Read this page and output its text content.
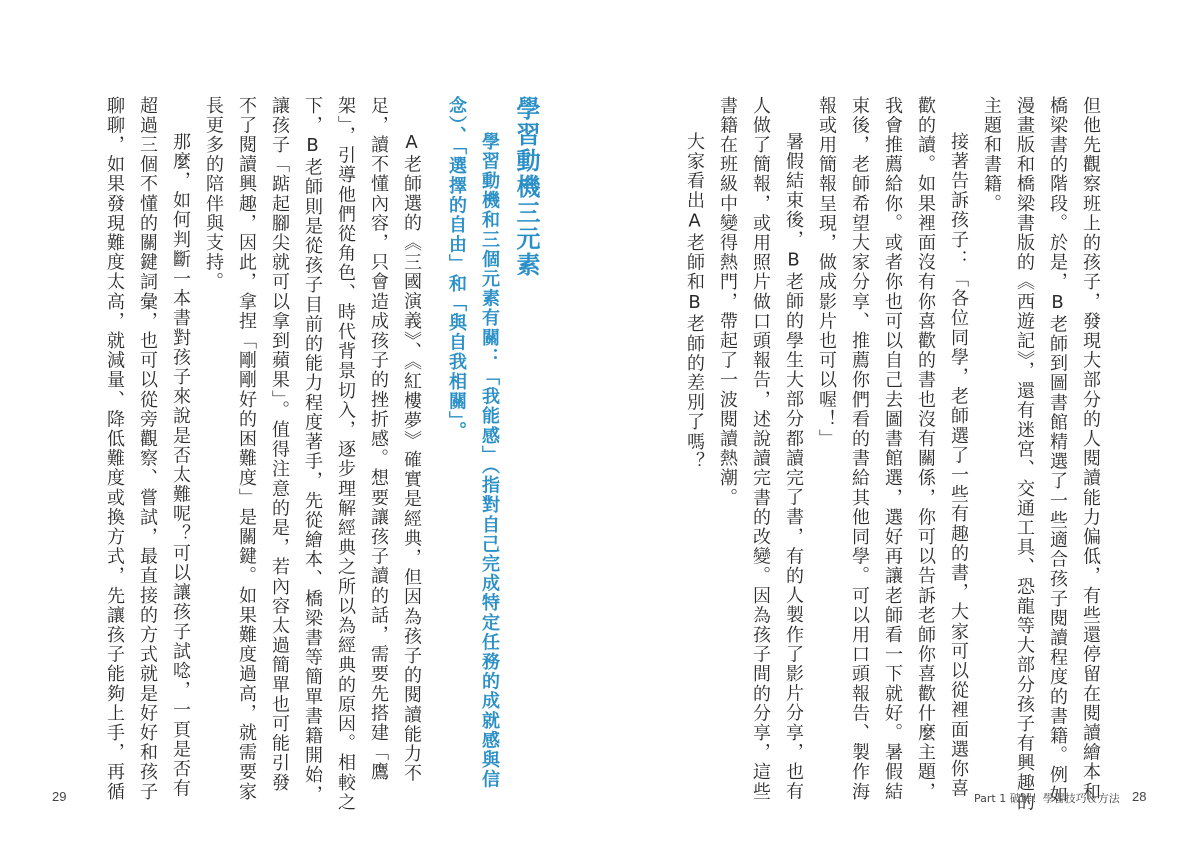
但他先觀察班上的孩子，發現大部分的人閱讀能力偏低，有些還停留在閱讀繪本和

橋梁書的階段。於是，B老師到圖書館精選了一些適合孩子閱讀程度的書籍。例如

漫畫版和橋梁書版的《西遊記》，還有迷宮、交通工具、恐龍等大部分孩子有興趣的

主題和書籍。

接著告訴孩子：「各位同學，老師選了一些有趣的書，大家可以從裡面選你喜

歡的讀。如果裡面沒有你喜歡的書也沒有關係，你可以告訴老師你喜歡什麼主題，

我會推薦給你。或者你也可以自己去圖書館選，選好再讓老師看一下就好。暑假結

束後，老師希望大家分享、推薦你們看的書給其他同學。可以用口頭報告、製作海

報或用簡報呈現，做成影片也可以喔！」

暑假結束後，B老師的學生大部分都讀完了書，有的人製作了影片分享，也有

人做了簡報，或用照片做口頭報告，述說讀完書的改變。因為孩子間的分享，這些

書籍在班級中變得熱門，帶起了一波閱讀熱潮。

大家看出A老師和B老師的差別了嗎？

Part 1 破解！學習技巧＆方法 28

學習動機三元素

學習動機和三個元素有關：「我能感」（指對自己完成特定任務的成就感與信

念）、「選擇的自由」和「與自我相關」。

A老師選的《三國演義》、《紅樓夢》確實是經典，但因為孩子的閱讀能力不

足，讀不懂內容，只會造成孩子的挫折感。想要讓孩子讀的話，需要先搭建「鷹

架」，引導他們從角色、時代背景切入，逐步理解經典之所以為經典的原因。相較之

下，B老師則是從孩子目前的能力程度著手，先從繪本、橋梁書等簡單書籍開始，

讓孩子「踮起腳尖就可以拿到蘋果」。值得注意的是，若內容太過簡單也可能引發

不了閱讀興趣，因此，拿捏「剛剛好的困難度」是關鍵。如果難度過高，就需要家

長更多的陪伴與支持。

那麼，如何判斷一本書對孩子來說是否太難呢？可以讓孩子試唸，一頁是否有

超過三個不懂的關鍵詞彙，也可以從旁觀察、嘗試，最直接的方式就是好好和孩子

聊聊，如果發現難度太高，就減量、降低難度或換方式，先讓孩子能夠上手，再循

29
